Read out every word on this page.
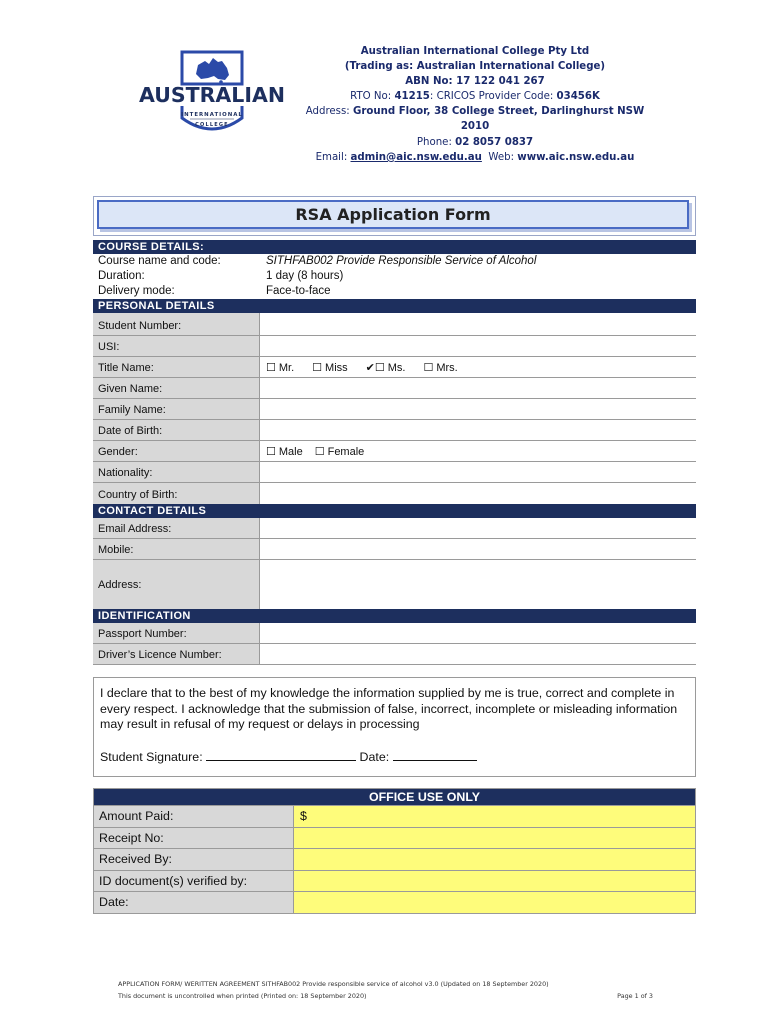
AUSTRALIAN
INTERNATIONAL
COLLEGE
Australian International College Pty Ltd
(Trading as: Australian International College)
ABN No: 17 122 041 267
RTO No: 41215: CRICOS Provider Code: 03456K
Address: Ground Floor, 38 College Street, Darlinghurst NSW 2010
Phone: 02 8057 0837
Email: admin@aic.nsw.edu.au Web: www.aic.nsw.edu.au
RSA Application Form
COURSE DETAILS:
Course name and code:	SITHFAB002 Provide Responsible Service of Alcohol
Duration:	1 day (8 hours)
Delivery mode:	Face-to-face
PERSONAL DETAILS
Student Number:
USI:
Title Name:	☐ Mr. ☐ Miss ✔☐ Ms. ☐ Mrs.
Given Name:
Family Name:
Date of Birth:
Gender:	☐ Male ☐ Female
Nationality:
Country of Birth:
CONTACT DETAILS
Email Address:
Mobile:
Address:
IDENTIFICATION
Passport Number:
Driver’s Licence Number:
I declare that to the best of my knowledge the information supplied by me is true, correct and complete in every respect. I acknowledge that the submission of false, incorrect, incomplete or misleading information may result in refusal of my request or delays in processing
Student Signature:	Date:
OFFICE USE ONLY
Amount Paid:	$
Receipt No:
Received By:
ID document(s) verified by:
Date:
APPLICATION FORM/ WERITTEN AGREEMENT SITHFAB002 Provide responsible service of alcohol v3.0 (Updated on 18 September 2020)
This document is uncontrolled when printed (Printed on: 18 September 2020)	Page 1 of 3
